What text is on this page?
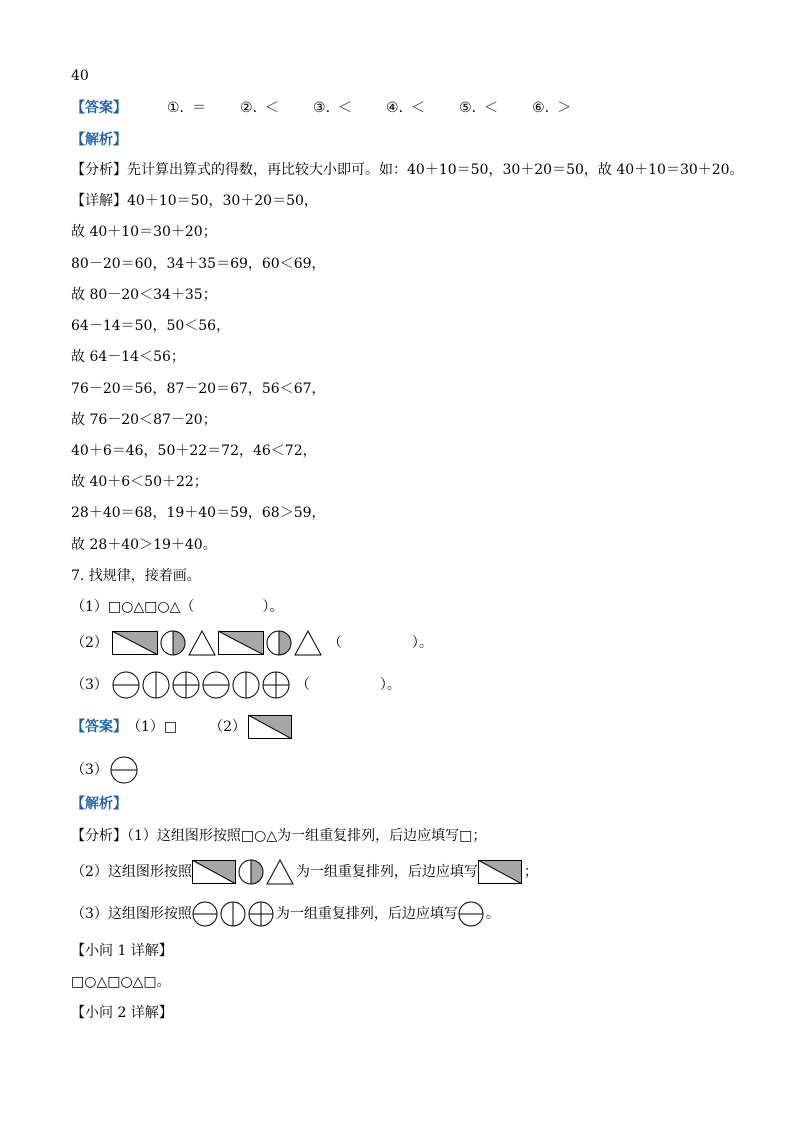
40
【答案】	①. ＝ ②. ＜ ③. ＜ ④. ＜ ⑤. ＜ ⑥. ＞
【解析】
【分析】先计算出算式的得数，再比较大小即可。如：40＋10＝50，30＋20＝50，故 40＋10＝30＋20。
【详解】40＋10＝50，30＋20＝50，
故 40＋10＝30＋20；
80－20＝60，34＋35＝69，60＜69，
故 80－20＜34＋35；
64－14＝50，50＜56，
故 64－14＜56；
76－20＝56，87－20＝67，56＜67，
故 76－20＜87－20；
40＋6＝46，50＋22＝72，46＜72，
故 40＋6＜50＋22；
28＋40＝68，19＋40＝59，68＞59，
故 28＋40＞19＋40。
7. 找规律，接着画。
（1） □○△□○△ （	）。
（2）	（	）。
（3）	（	）。
【答案】 （1）□ （2）
（3）
【解析】
【分析】（1）这组图形按照□○△为一组重复排列，后边应填写□；
（2）这组图形按照	为一组重复排列，后边应填写	；
（3）这组图形按照	为一组重复排列，后边应填写 。
【小问 1 详解】
□○△□○△□。
【小问 2 详解】
